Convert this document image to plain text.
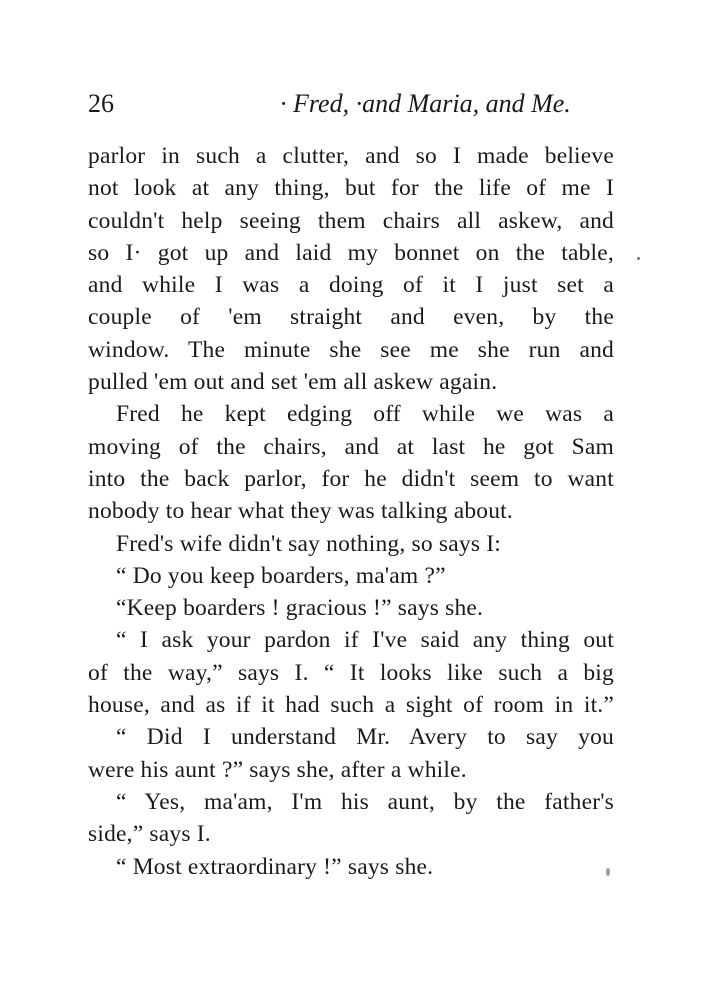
26	· Fred, ·and Maria, and Me.
parlor in such a clutter, and so I made believe
not look at any thing, but for the life of me I
couldn't help seeing them chairs all askew, and
so I· got up and laid my bonnet on the table,
and while I was a doing of it I just set a
couple of 'em straight and even, by the
window. The minute she see me she run and
pulled 'em out and set 'em all askew again.
Fred he kept edging off while we was a
moving of the chairs, and at last he got Sam
into the back parlor, for he didn't seem to want
nobody to hear what they was talking about.
Fred's wife didn't say nothing, so says I:
“ Do you keep boarders, ma'am ?”
“Keep boarders ! gracious !” says she.
“ I ask your pardon if I've said any thing out
of the way,” says I. “ It looks like such a big
house, and as if it had such a sight of room in it.”
“ Did I understand Mr. Avery to say you
were his aunt ?” says she, after a while.
“ Yes, ma'am, I'm his aunt, by the father's
side,” says I.
“ Most extraordinary !” says she.
